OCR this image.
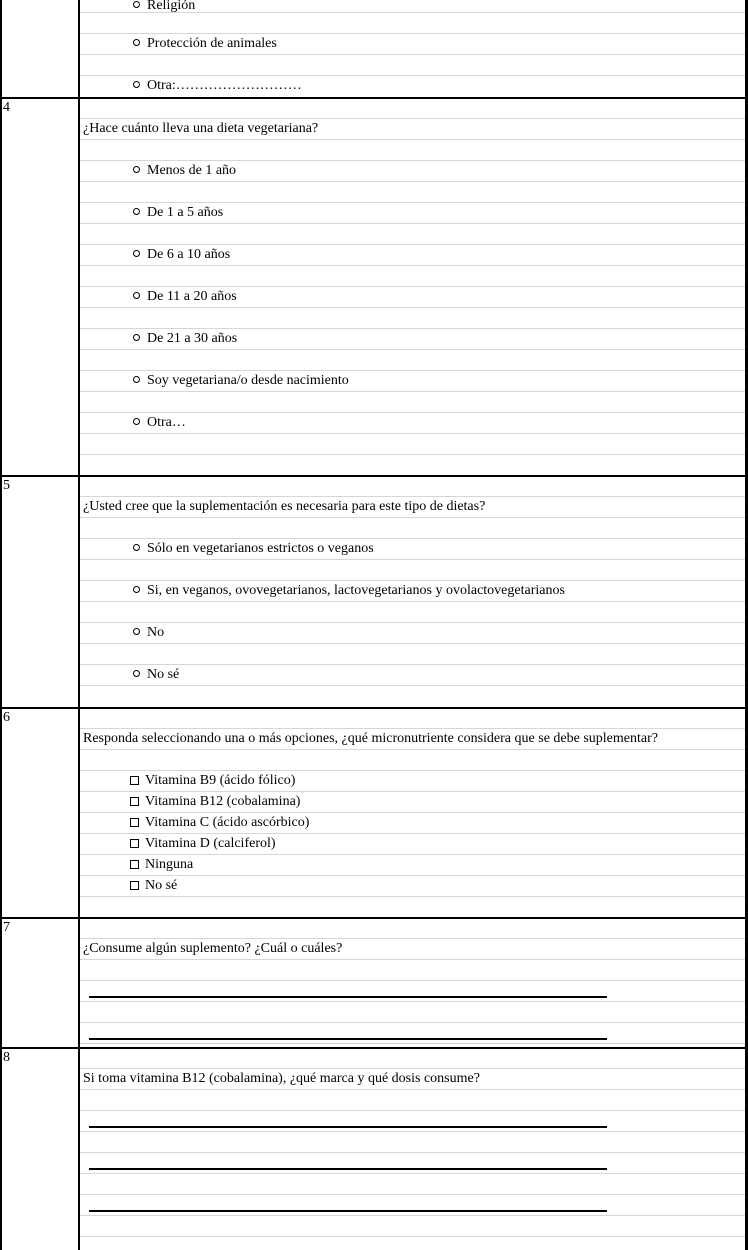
Religión
Protección de animales
Otra:………………………
¿Hace cuánto lleva una dieta vegetariana?
Menos de 1 año
De 1 a 5 años
De 6 a 10 años
De 11 a 20 años
De 21 a 30 años
Soy vegetariana/o desde nacimiento
Otra…
¿Usted cree que la suplementación es necesaria para este tipo de dietas?
Sólo en vegetarianos estrictos o veganos
Si, en veganos, ovovegetarianos, lactovegetarianos y ovolactovegetarianos
No
No sé
Responda seleccionando una o más opciones, ¿qué micronutriente considera que se debe suplementar?
Vitamina B9 (ácido fólico)
Vitamina B12 (cobalamina)
Vitamina C (ácido ascórbico)
Vitamina D (calciferol)
Ninguna
No sé
¿Consume algún suplemento? ¿Cuál o cuáles?
Si toma vitamina B12 (cobalamina), ¿qué marca y qué dosis consume?
4
5
6
7
8
